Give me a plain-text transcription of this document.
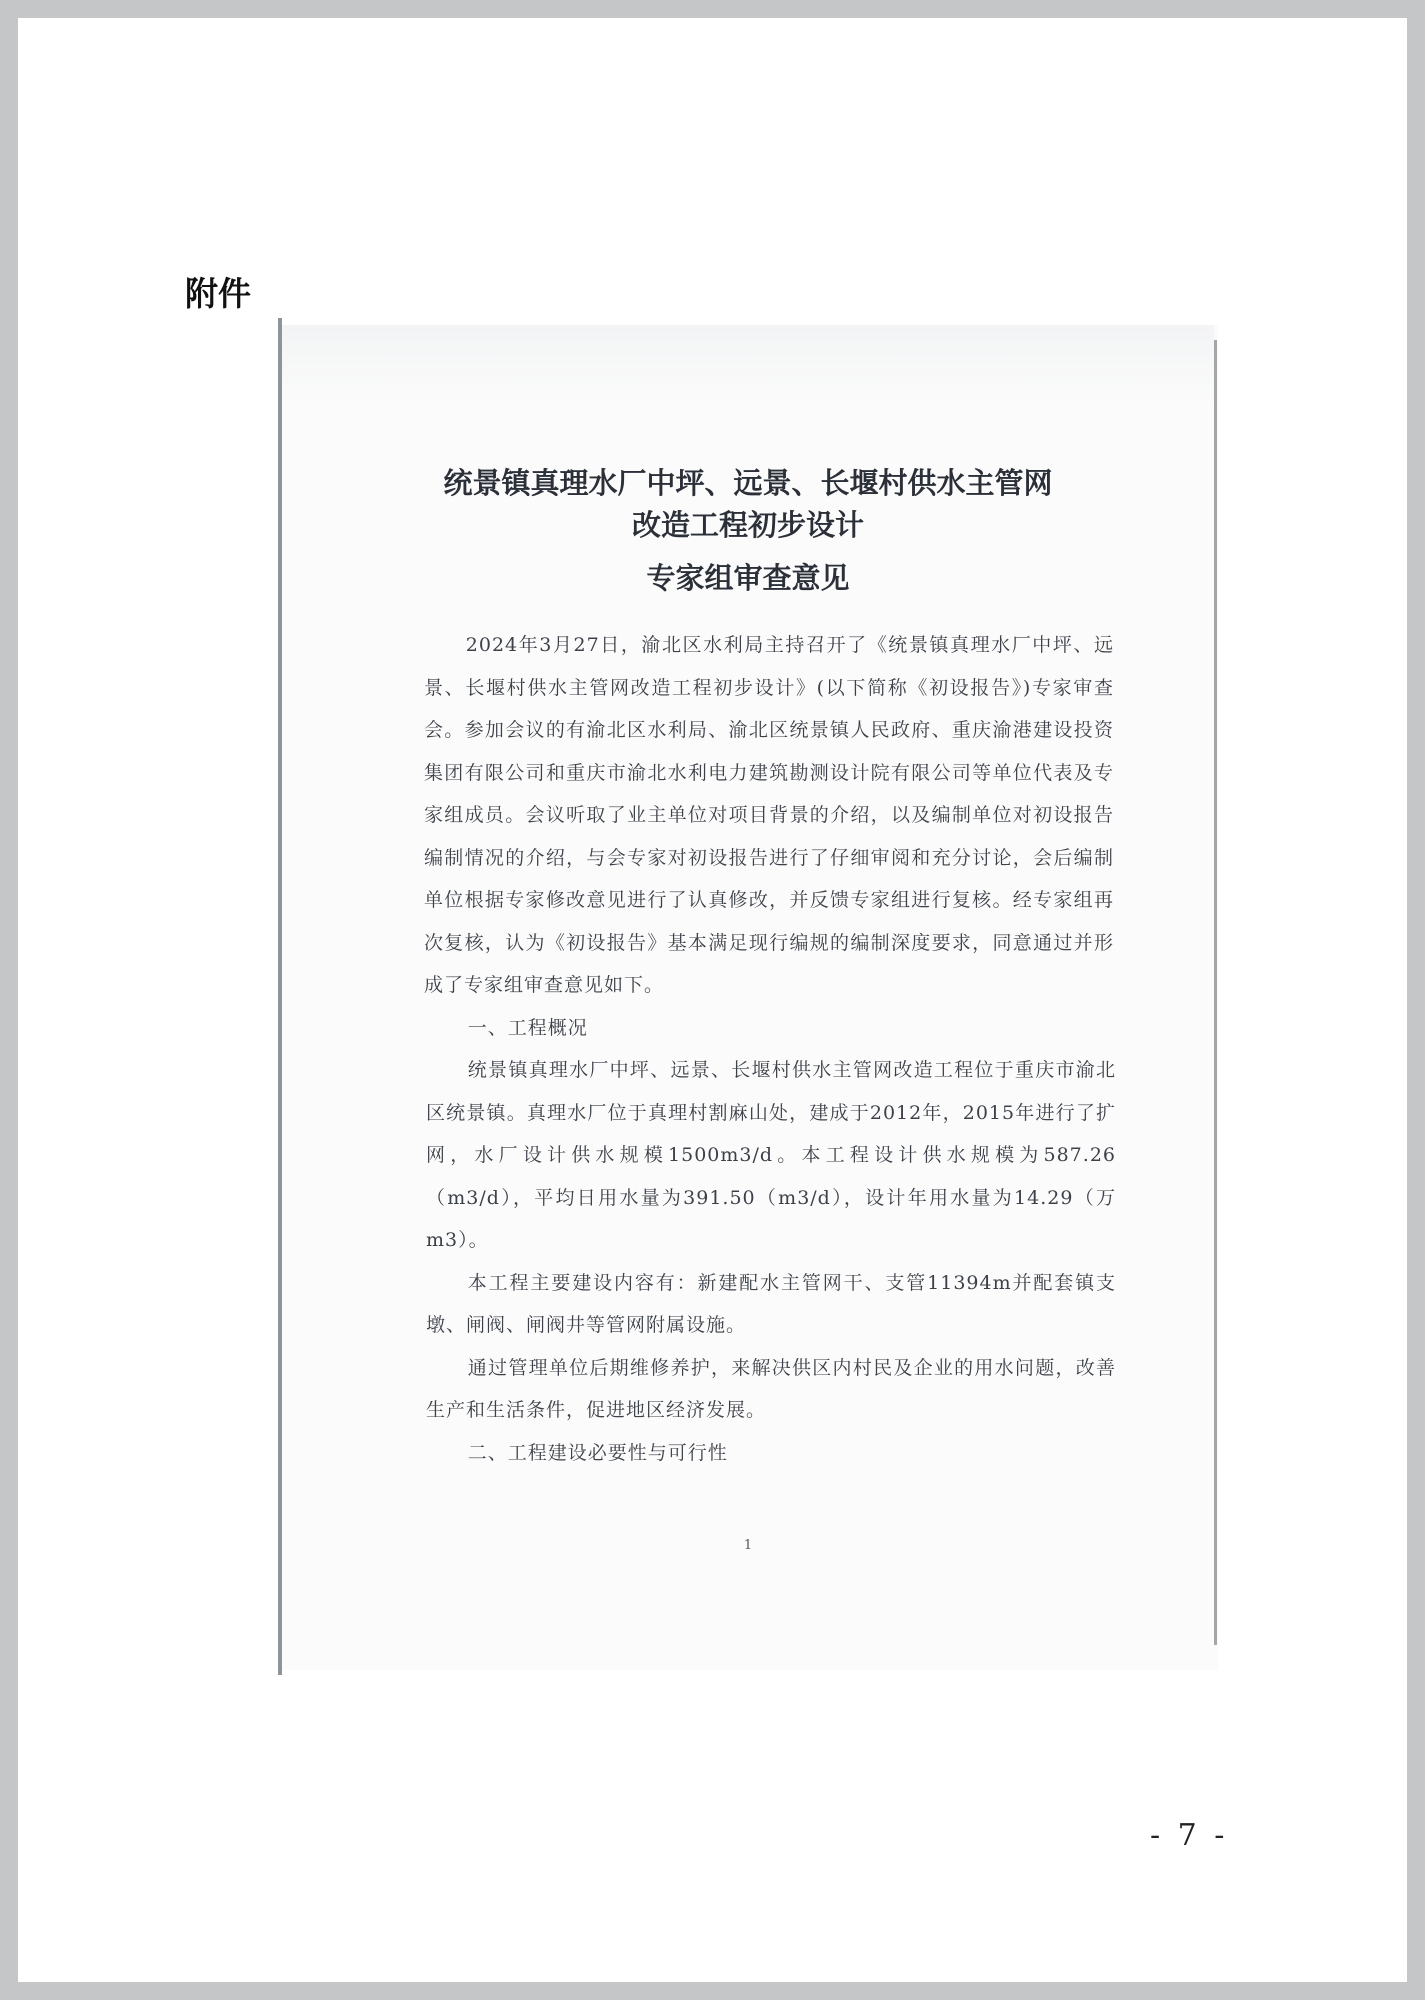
附件
统景镇真理水厂中坪、远景、长堰村供水主管网
改造工程初步设计
专家组审查意见

2024年3月27日，渝北区水利局主持召开了《统景镇真理水厂中坪、远景、长堰村供水主管网改造工程初步设计》(以下简称《初设报告》)专家审查会。参加会议的有渝北区水利局、渝北区统景镇人民政府、重庆渝港建设投资集团有限公司和重庆市渝北水利电力建筑勘测设计院有限公司等单位代表及专家组成员。会议听取了业主单位对项目背景的介绍，以及编制单位对初设报告编制情况的介绍，与会专家对初设报告进行了仔细审阅和充分讨论，会后编制单位根据专家修改意见进行了认真修改，并反馈专家组进行复核。经专家组再次复核，认为《初设报告》基本满足现行编规的编制深度要求，同意通过并形成了专家组审查意见如下。

一、工程概况

统景镇真理水厂中坪、远景、长堰村供水主管网改造工程位于重庆市渝北区统景镇。真理水厂位于真理村割麻山处，建成于2012年，2015年进行了扩网，水厂设计供水规模1500m3/d。本工程设计供水规模为587.26（m3/d），平均日用水量为391.50（m3/d），设计年用水量为14.29（万m3）。

本工程主要建设内容有：新建配水主管网干、支管11394m并配套镇支墩、闸阀、闸阀井等管网附属设施。

通过管理单位后期维修养护，来解决供区内村民及企业的用水问题，改善生产和生活条件，促进地区经济发展。

二、工程建设必要性与可行性

1
- 7 -
